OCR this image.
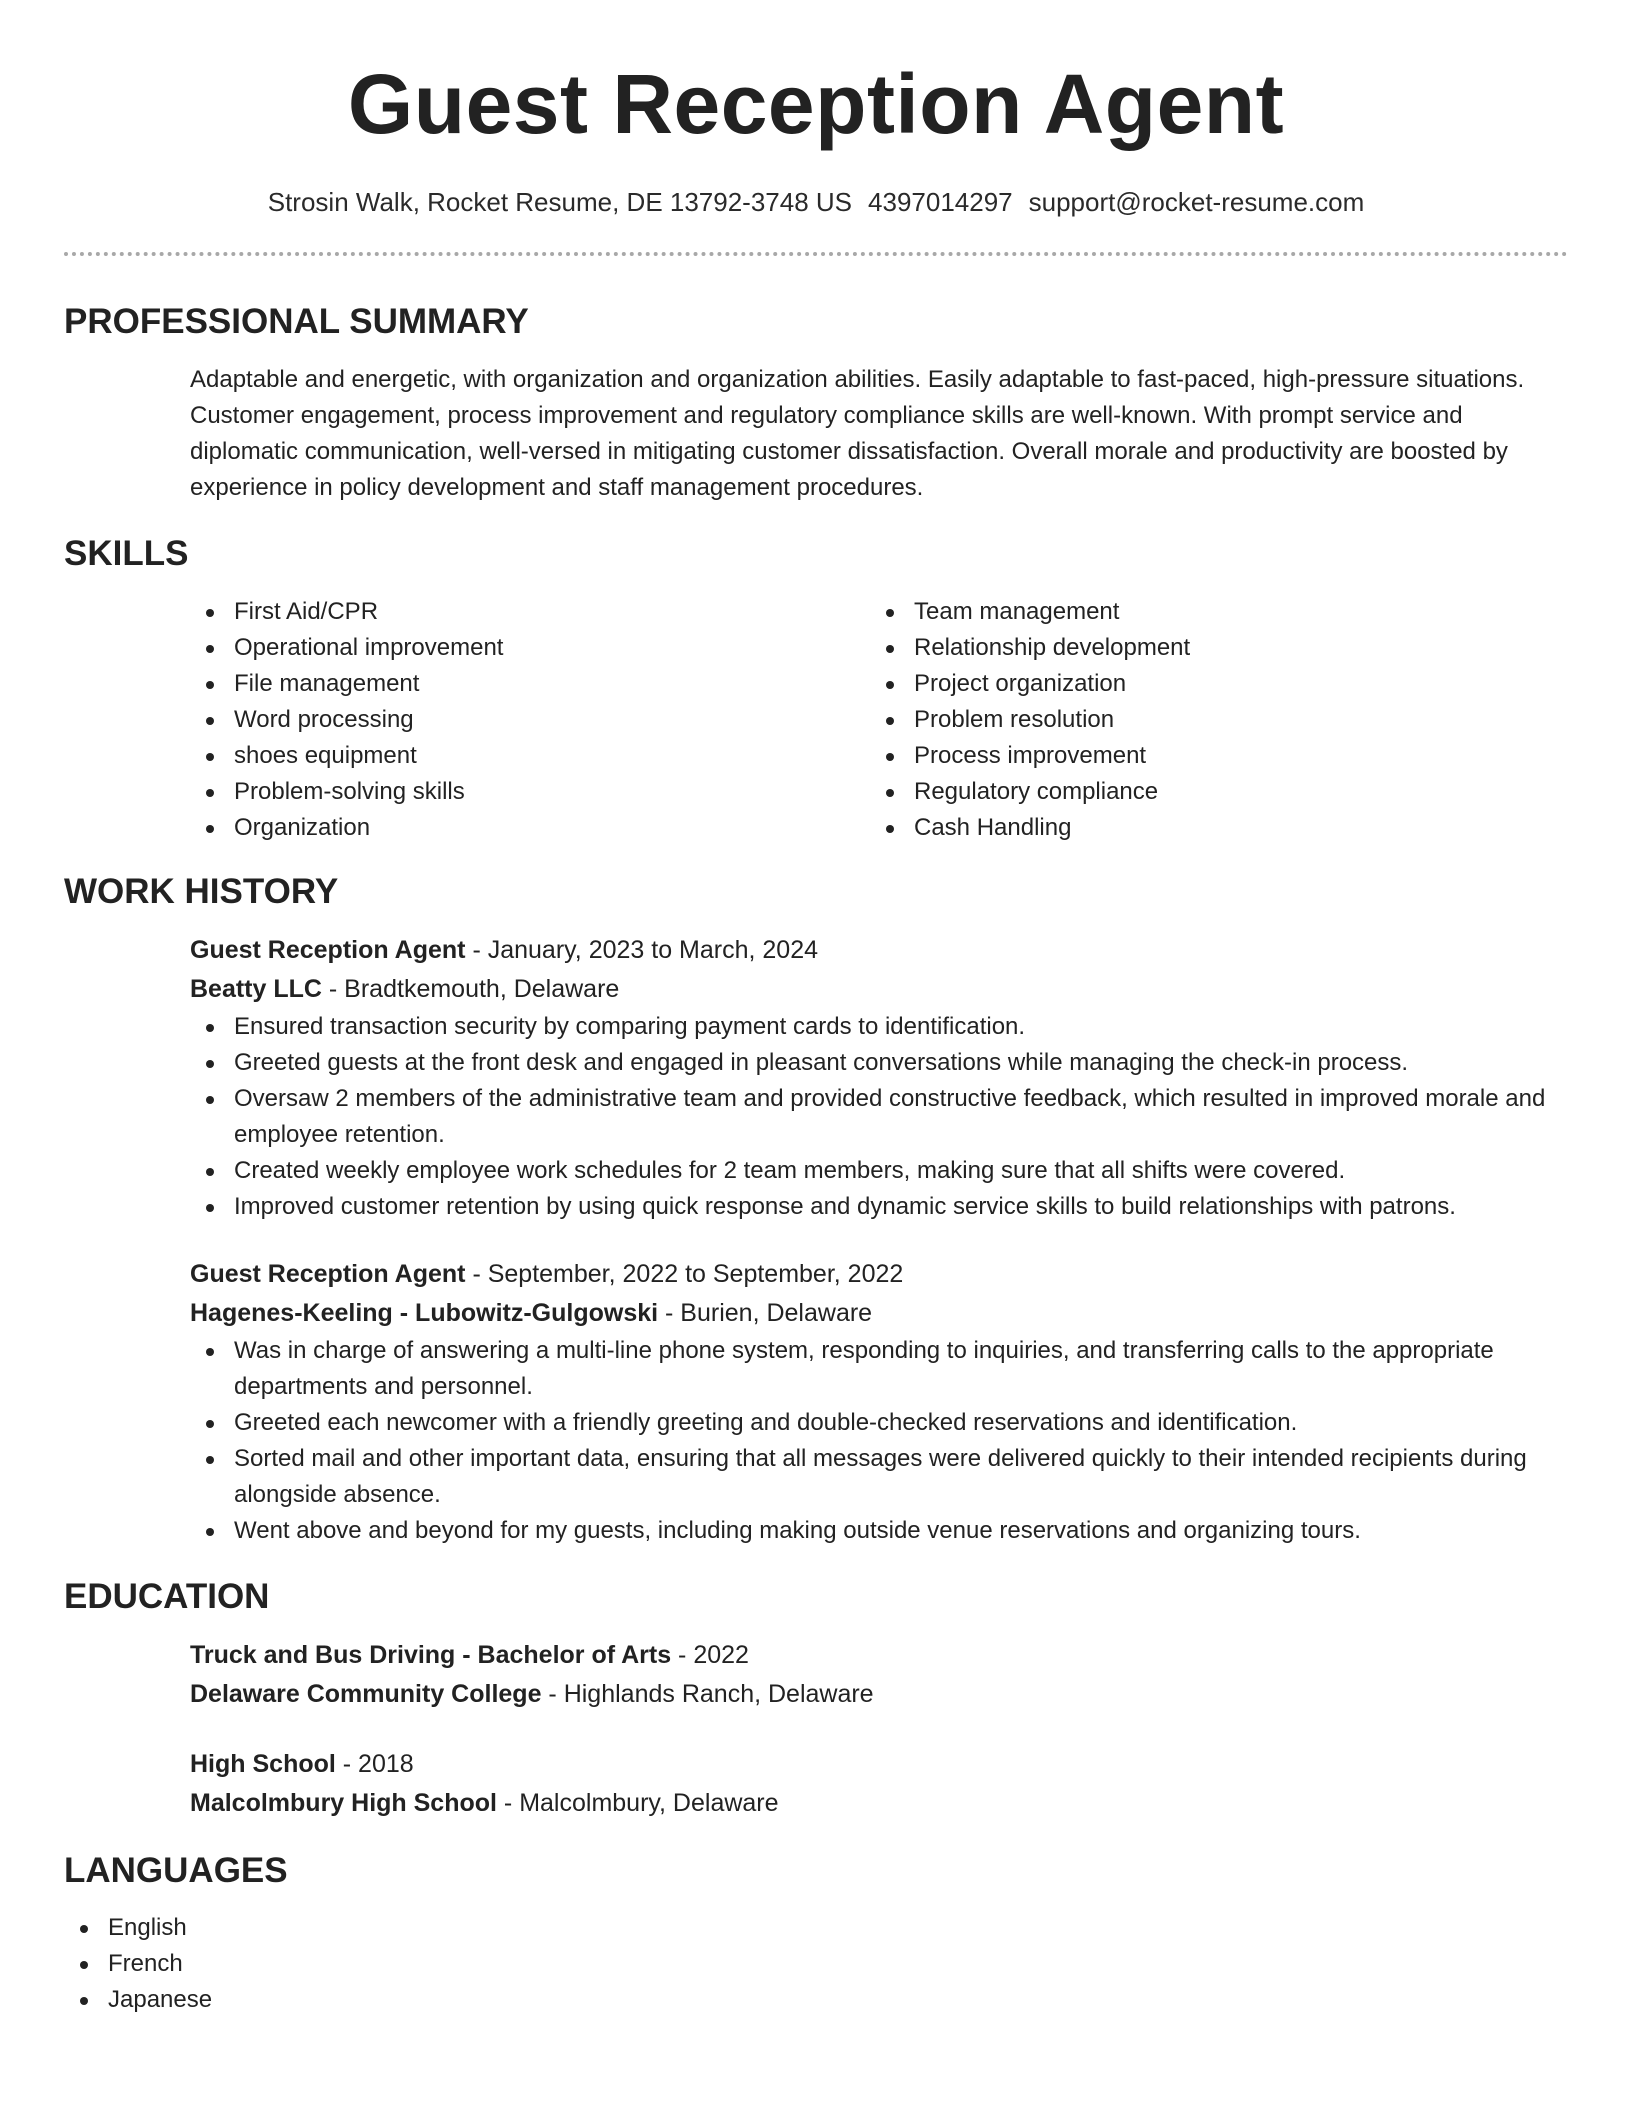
Guest Reception Agent
Strosin Walk, Rocket Resume, DE 13792-3748 US 4397014297 support@rocket-resume.com
PROFESSIONAL SUMMARY
Adaptable and energetic, with organization and organization abilities. Easily adaptable to fast-paced, high-pressure situations. Customer engagement, process improvement and regulatory compliance skills are well-known. With prompt service and diplomatic communication, well-versed in mitigating customer dissatisfaction. Overall morale and productivity are boosted by experience in policy development and staff management procedures.
SKILLS
First Aid/CPR
Operational improvement
File management
Word processing
shoes equipment
Problem-solving skills
Organization
Team management
Relationship development
Project organization
Problem resolution
Process improvement
Regulatory compliance
Cash Handling
WORK HISTORY
Guest Reception Agent - January, 2023 to March, 2024
Beatty LLC - Bradtkemouth, Delaware
Ensured transaction security by comparing payment cards to identification.
Greeted guests at the front desk and engaged in pleasant conversations while managing the check-in process.
Oversaw 2 members of the administrative team and provided constructive feedback, which resulted in improved morale and employee retention.
Created weekly employee work schedules for 2 team members, making sure that all shifts were covered.
Improved customer retention by using quick response and dynamic service skills to build relationships with patrons.
Guest Reception Agent - September, 2022 to September, 2022
Hagenes-Keeling - Lubowitz-Gulgowski - Burien, Delaware
Was in charge of answering a multi-line phone system, responding to inquiries, and transferring calls to the appropriate departments and personnel.
Greeted each newcomer with a friendly greeting and double-checked reservations and identification.
Sorted mail and other important data, ensuring that all messages were delivered quickly to their intended recipients during alongside absence.
Went above and beyond for my guests, including making outside venue reservations and organizing tours.
EDUCATION
Truck and Bus Driving - Bachelor of Arts - 2022
Delaware Community College - Highlands Ranch, Delaware
High School - 2018
Malcolmbury High School - Malcolmbury, Delaware
LANGUAGES
English
French
Japanese
